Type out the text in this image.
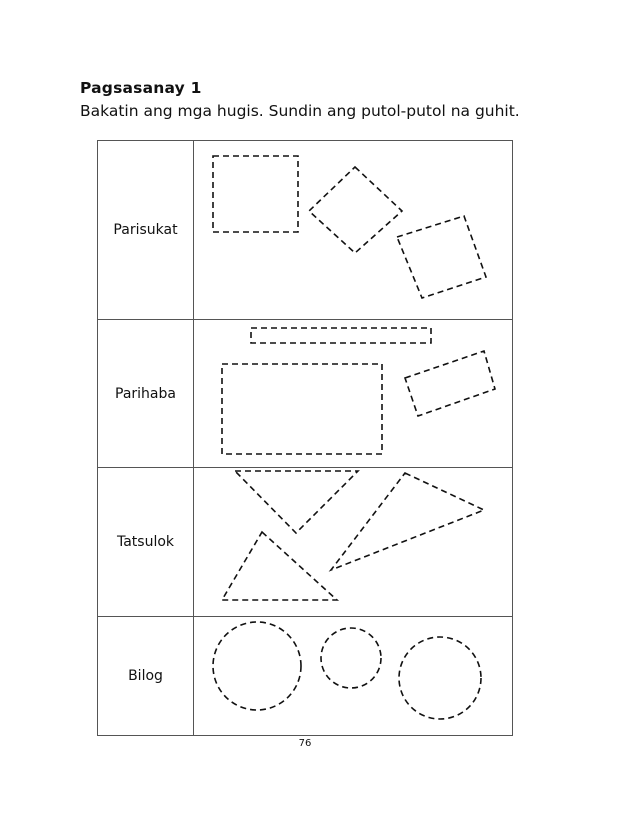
Pagsasanay 1
Bakatin ang mga hugis. Sundin ang putol-putol na guhit.
Parisukat	
Parihaba	
Tatsulok	
Bilog	
76
